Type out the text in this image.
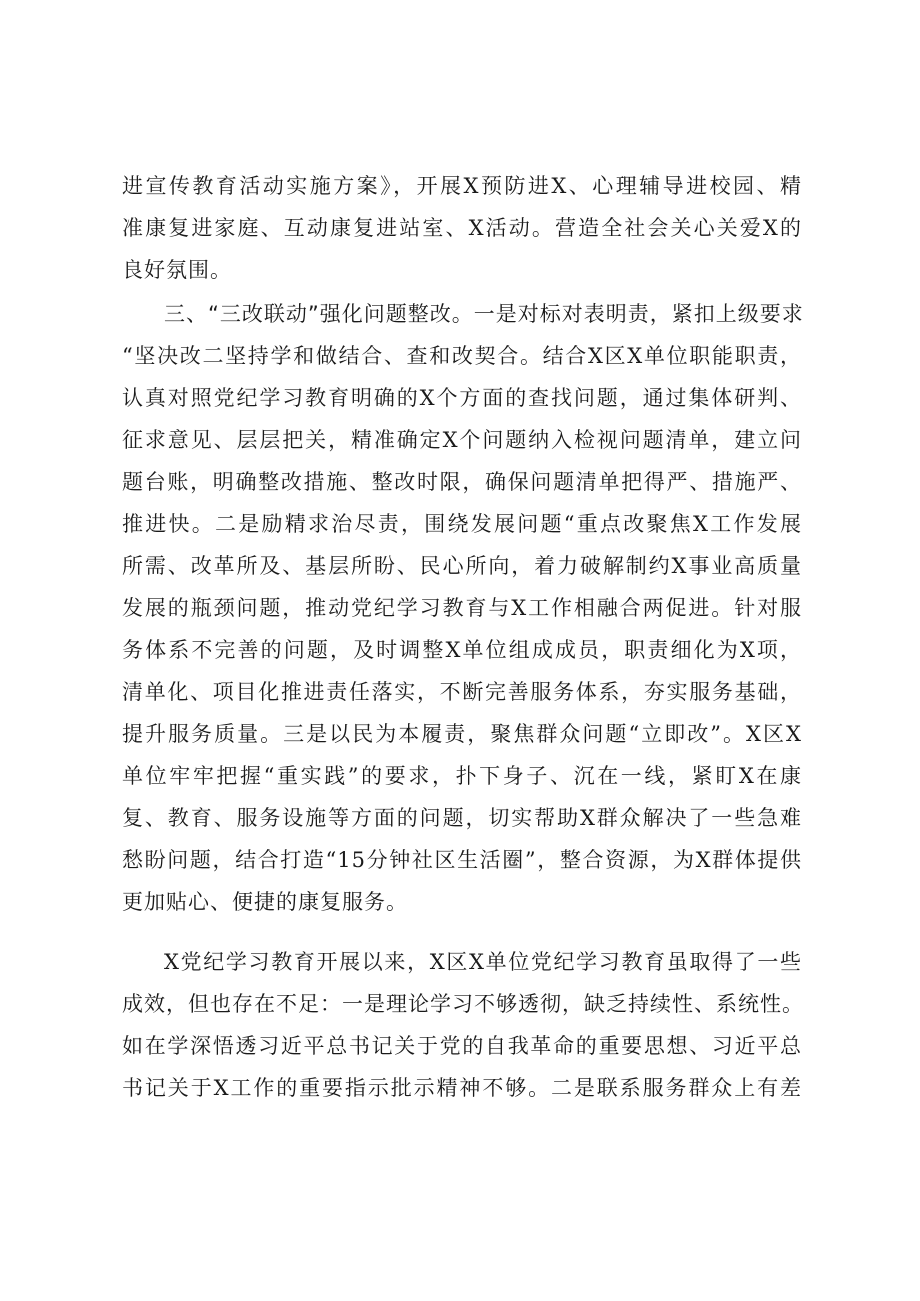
进宣传教育活动实施方案》，开展X预防进X、心理辅导进校园、精
准康复进家庭、互动康复进站室、X活动。营造全社会关心关爱X的
良好氛围。
三、“三改联动”强化问题整改。一是对标对表明责，紧扣上级要求
“坚决改二坚持学和做结合、查和改契合。结合X区X单位职能职责，
认真对照党纪学习教育明确的X个方面的查找问题，通过集体研判、
征求意见、层层把关，精准确定X个问题纳入检视问题清单，建立问
题台账，明确整改措施、整改时限，确保问题清单把得严、措施严、
推进快。二是励精求治尽责，围绕发展问题“重点改聚焦X工作发展
所需、改革所及、基层所盼、民心所向，着力破解制约X事业高质量
发展的瓶颈问题，推动党纪学习教育与X工作相融合两促进。针对服
务体系不完善的问题，及时调整X单位组成成员，职责细化为X项，
清单化、项目化推进责任落实，不断完善服务体系，夯实服务基础，
提升服务质量。三是以民为本履责，聚焦群众问题“立即改”。X区X
单位牢牢把握“重实践”的要求，扑下身子、沉在一线，紧盯X在康
复、教育、服务设施等方面的问题，切实帮助X群众解决了一些急难
愁盼问题，结合打造“15分钟社区生活圈”，整合资源，为X群体提供
更加贴心、便捷的康复服务。
X党纪学习教育开展以来，X区X单位党纪学习教育虽取得了一些
成效，但也存在不足：一是理论学习不够透彻，缺乏持续性、系统性。
如在学深悟透习近平总书记关于党的自我革命的重要思想、习近平总
书记关于X工作的重要指示批示精神不够。二是联系服务群众上有差
